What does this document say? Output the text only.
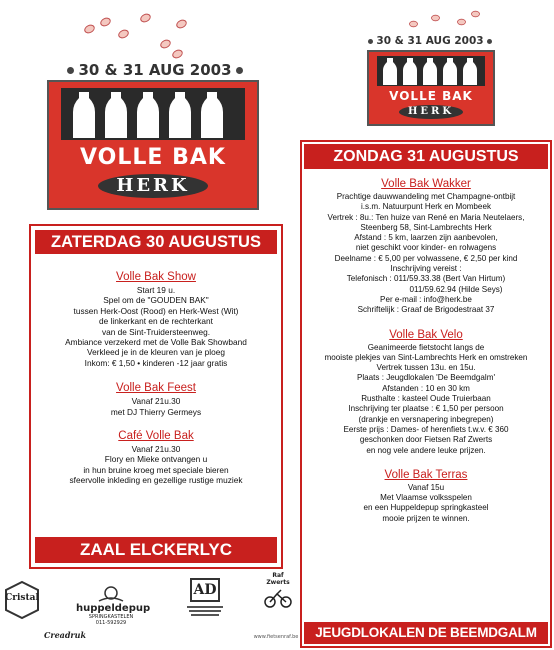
30 & 31 AUG 2003
VOLLE BAK
HERK
30 & 31 AUG 2003
VOLLE BAK
HERK
ZATERDAG 30 AUGUSTUS
Volle Bak Show
Start 19 u.
Spel om de "GOUDEN BAK"
tussen Herk-Oost (Rood) en Herk-West (Wit)
de linkerkant en de rechterkant
van de Sint-Truidersteenweg.
Ambiance verzekerd met de Volle Bak Showband
Verkleed je in de kleuren van je ploeg
Inkom: € 1,50 • kinderen -12 jaar gratis
Volle Bak Feest
Vanaf 21u.30
met DJ Thierry Germeys
Café Volle Bak
Vanaf 21u.30
Flory en Mieke ontvangen u
in hun bruine kroeg met speciale bieren
sfeervolle inkleding en gezellige rustige muziek
ZAAL ELCKERLYC
ZONDAG 31 AUGUSTUS
Volle Bak Wakker
Prachtige dauwwandeling met Champagne-ontbijt
i.s.m. Natuurpunt Herk en Mombeek
Vertrek : 8u.: Ten huize van René en Maria Neutelaers,
Steenberg 58, Sint-Lambrechts Herk
Afstand : 5 km, laarzen zijn aanbevolen,
niet geschikt voor kinder- en rolwagens
Deelname : € 5,00 per volwassene, € 2,50 per kind
Inschrijving vereist :
Telefonisch : 011/59.33.38 (Bert Van Hirtum)
011/59.62.94 (Hilde Seys)
Per e-mail : info@herk.be
Schriftelijk : Graaf de Brigodestraat 37
Volle Bak Velo
Geanimeerde fietstocht langs de
mooiste plekjes van Sint-Lambrechts Herk en omstreken
Vertrek tussen 13u. en 15u.
Plaats : Jeugdlokalen 'De Beemdgalm'
Afstanden : 10 en 30 km
Rusthalte : kasteel Oude Truierbaan
Inschrijving ter plaatse : € 1,50 per persoon
(drankje en versnapering inbegrepen)
Eerste prijs : Dames- of herenfiets t.w.v. € 360
geschonken door Fietsen Raf Zwerts
en nog vele andere leuke prijzen.
Volle Bak Terras
Vanaf 15u
Met Vlaamse volksspelen
en een Huppeldepup springkasteel
mooie prijzen te winnen.
JEUGDLOKALEN DE BEEMDGALM
Cristal
huppeldepup
SPRINGKASTELEN
011-592929
AD
Raf Zwerts
www.fietsenraf.be
Creadruk
